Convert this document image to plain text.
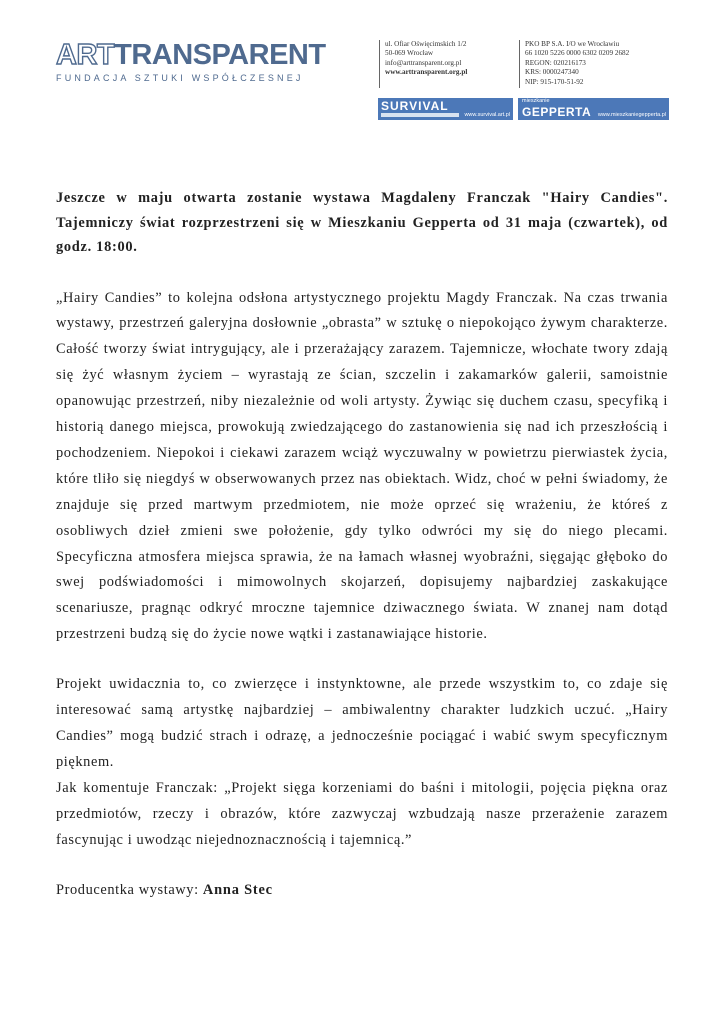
ARTTRANSPARENT
FUNDACJA SZTUKI WSPÓŁCZESNEJ
ul. Ofiar Oświęcimskich 1/2
50-069 Wrocław
info@arttransparent.org.pl
www.arttransparent.org.pl
PKO BP S.A. I/O we Wrocławiu
66 1020 5226 0000 6302 0209 2682
REGON: 020216173
KRS: 0000247340
NIP: 915-170-51-92
SURVIVAL
www.survival.art.pl
mieszkanie
GEPPERTA www.mieszkaniegepperta.pl

Jeszcze w maju otwarta zostanie wystawa Magdaleny Franczak "Hairy Candies". Tajemniczy świat rozprzestrzeni się w Mieszkaniu Gepperta od 31 maja (czwartek), od godz. 18:00.

„Hairy Candies” to kolejna odsłona artystycznego projektu Magdy Franczak. Na czas trwania wystawy, przestrzeń galeryjna dosłownie „obrasta” w sztukę o niepokojąco żywym charakterze. Całość tworzy świat intrygujący, ale i przerażający zarazem. Tajemnicze, włochate twory zdają się żyć własnym życiem – wyrastają ze ścian, szczelin i zakamarków galerii, samoistnie opanowując przestrzeń, niby niezależnie od woli artysty. Żywiąc się duchem czasu, specyfiką i historią danego miejsca, prowokują zwiedzającego do zastanowienia się nad ich przeszłością i pochodzeniem. Niepokoi i ciekawi zarazem wciąż wyczuwalny w powietrzu pierwiastek życia, które tliło się niegdyś w obserwowanych przez nas obiektach. Widz, choć w pełni świadomy, że znajduje się przed martwym przedmiotem, nie może oprzeć się wrażeniu, że któreś z osobliwych dzieł zmieni swe położenie, gdy tylko odwróci my się do niego plecami. Specyficzna atmosfera miejsca sprawia, że na łamach własnej wyobraźni, sięgając głęboko do swej podświadomości i mimowolnych skojarzeń, dopisujemy najbardziej zaskakujące scenariusze, pragnąc odkryć mroczne tajemnice dziwacznego świata. W znanej nam dotąd przestrzeni budzą się do życie nowe wątki i zastanawiające historie.

Projekt uwidacznia to, co zwierzęce i instynktowne, ale przede wszystkim to, co zdaje się interesować samą artystkę najbardziej – ambiwalentny charakter ludzkich uczuć. „Hairy Candies” mogą budzić strach i odrazę, a jednocześnie pociągać i wabić swym specyficznym pięknem.

Jak komentuje Franczak: „Projekt sięga korzeniami do baśni i mitologii, pojęcia piękna oraz przedmiotów, rzeczy i obrazów, które zazwyczaj wzbudzają nasze przerażenie zarazem fascynując i uwodząc niejednoznacznością i tajemnicą.”

Producentka wystawy: Anna Stec
